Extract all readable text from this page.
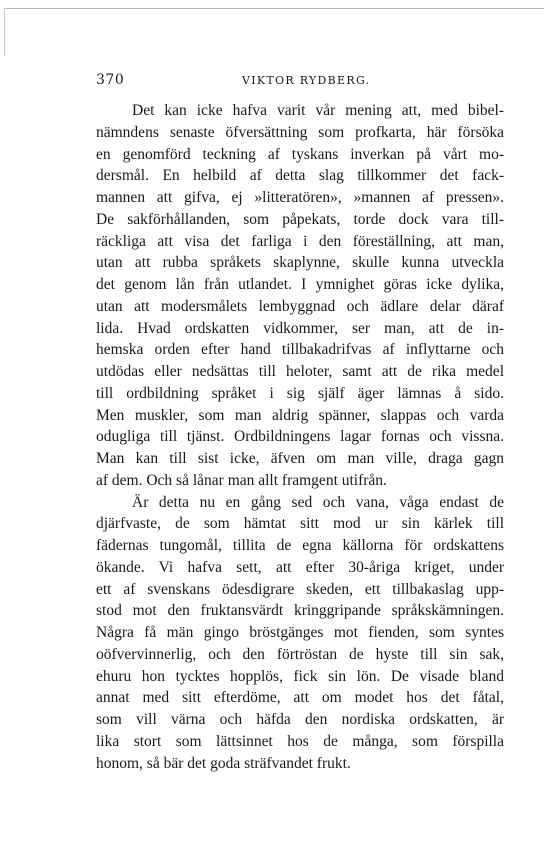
370	VIKTOR RYDBERG.
Det kan icke hafva varit vår mening att, med bibel-
nämndens senaste öfversättning som profkarta, här försöka
en genomförd teckning af tyskans inverkan på vårt mo-
dersmål. En helbild af detta slag tillkommer det fack-
mannen att gifva, ej »litteratören», »mannen af pressen».
De sakförhållanden, som påpekats, torde dock vara till-
räckliga att visa det farliga i den föreställning, att man,
utan att rubba språkets skaplynne, skulle kunna utveckla
det genom lån från utlandet. I ymnighet göras icke dylika,
utan att modersmålets lembyggnad och ädlare delar däraf
lida. Hvad ordskatten vidkommer, ser man, att de in-
hemska orden efter hand tillbakadrifvas af inflyttarne och
utdödas eller nedsättas till heloter, samt att de rika medel
till ordbildning språket i sig själf äger lämnas å sido.
Men muskler, som man aldrig spänner, slappas och varda
odugliga till tjänst. Ordbildningens lagar fornas och vissna.
Man kan till sist icke, äfven om man ville, draga gagn
af dem. Och så lånar man allt framgent utifrån.
Är detta nu en gång sed och vana, våga endast de
djärfvaste, de som hämtat sitt mod ur sin kärlek till
fädernas tungomål, tillita de egna källorna för ordskattens
ökande. Vi hafva sett, att efter 30-åriga kriget, under
ett af svenskans ödesdigrare skeden, ett tillbakaslag upp-
stod mot den fruktansvärdt kringgripande språkskämningen.
Några få män gingo bröstgänges mot fienden, som syntes
oöfvervinnerlig, och den förtröstan de hyste till sin sak,
ehuru hon tycktes hopplös, fick sin lön. De visade bland
annat med sitt efterdöme, att om modet hos det fåtal,
som vill värna och häfda den nordiska ordskatten, är
lika stort som lättsinnet hos de många, som förspilla
honom, så bär det goda sträfvandet frukt.
